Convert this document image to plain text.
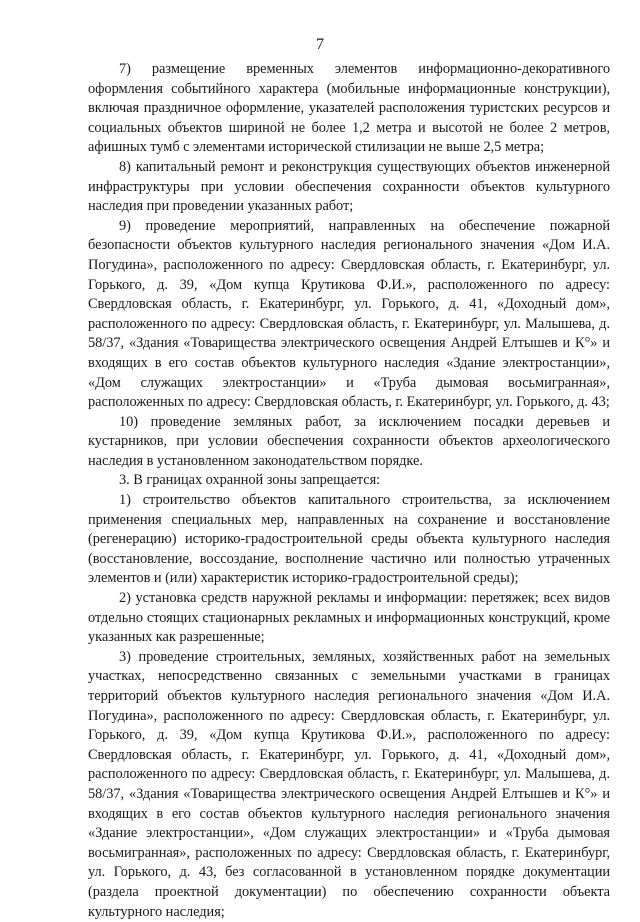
7

7) размещение временных элементов информационно-декоративного оформления событийного характера (мобильные информационные конструкции), включая праздничное оформление, указателей расположения туристских ресурсов и социальных объектов шириной не более 1,2 метра и высотой не более 2 метров, афишных тумб с элементами исторической стилизации не выше 2,5 метра;

8) капитальный ремонт и реконструкция существующих объектов инженерной инфраструктуры при условии обеспечения сохранности объектов культурного наследия при проведении указанных работ;

9) проведение мероприятий, направленных на обеспечение пожарной безопасности объектов культурного наследия регионального значения «Дом И.А. Погудина», расположенного по адресу: Свердловская область, г. Екатеринбург, ул. Горького, д. 39, «Дом купца Крутикова Ф.И.», расположенного по адресу: Свердловская область, г. Екатеринбург, ул. Горького, д. 41, «Доходный дом», расположенного по адресу: Свердловская область, г. Екатеринбург, ул. Малышева, д. 58/37, «Здания «Товарищества электрического освещения Андрей Елтышев и К°» и входящих в его состав объектов культурного наследия «Здание электростанции», «Дом служащих электростанции» и «Труба дымовая восьмигранная», расположенных по адресу: Свердловская область, г. Екатеринбург, ул. Горького, д. 43;

10) проведение земляных работ, за исключением посадки деревьев и кустарников, при условии обеспечения сохранности объектов археологического наследия в установленном законодательством порядке.

3. В границах охранной зоны запрещается:

1) строительство объектов капитального строительства, за исключением применения специальных мер, направленных на сохранение и восстановление (регенерацию) историко-градостроительной среды объекта культурного наследия (восстановление, воссоздание, восполнение частично или полностью утраченных элементов и (или) характеристик историко-градостроительной среды);

2) установка средств наружной рекламы и информации: перетяжек; всех видов отдельно стоящих стационарных рекламных и информационных конструкций, кроме указанных как разрешенные;

3) проведение строительных, земляных, хозяйственных работ на земельных участках, непосредственно связанных с земельными участками в границах территорий объектов культурного наследия регионального значения «Дом И.А. Погудина», расположенного по адресу: Свердловская область, г. Екатеринбург, ул. Горького, д. 39, «Дом купца Крутикова Ф.И.», расположенного по адресу: Свердловская область, г. Екатеринбург, ул. Горького, д. 41, «Доходный дом», расположенного по адресу: Свердловская область, г. Екатеринбург, ул. Малышева, д. 58/37, «Здания «Товарищества электрического освещения Андрей Елтышев и К°» и входящих в его состав объектов культурного наследия регионального значения «Здание электростанции», «Дом служащих электростанции» и «Труба дымовая восьмигранная», расположенных по адресу: Свердловская область, г. Екатеринбург, ул. Горького, д. 43, без согласованной в установленном порядке документации (раздела проектной документации) по обеспечению сохранности объекта культурного наследия;
